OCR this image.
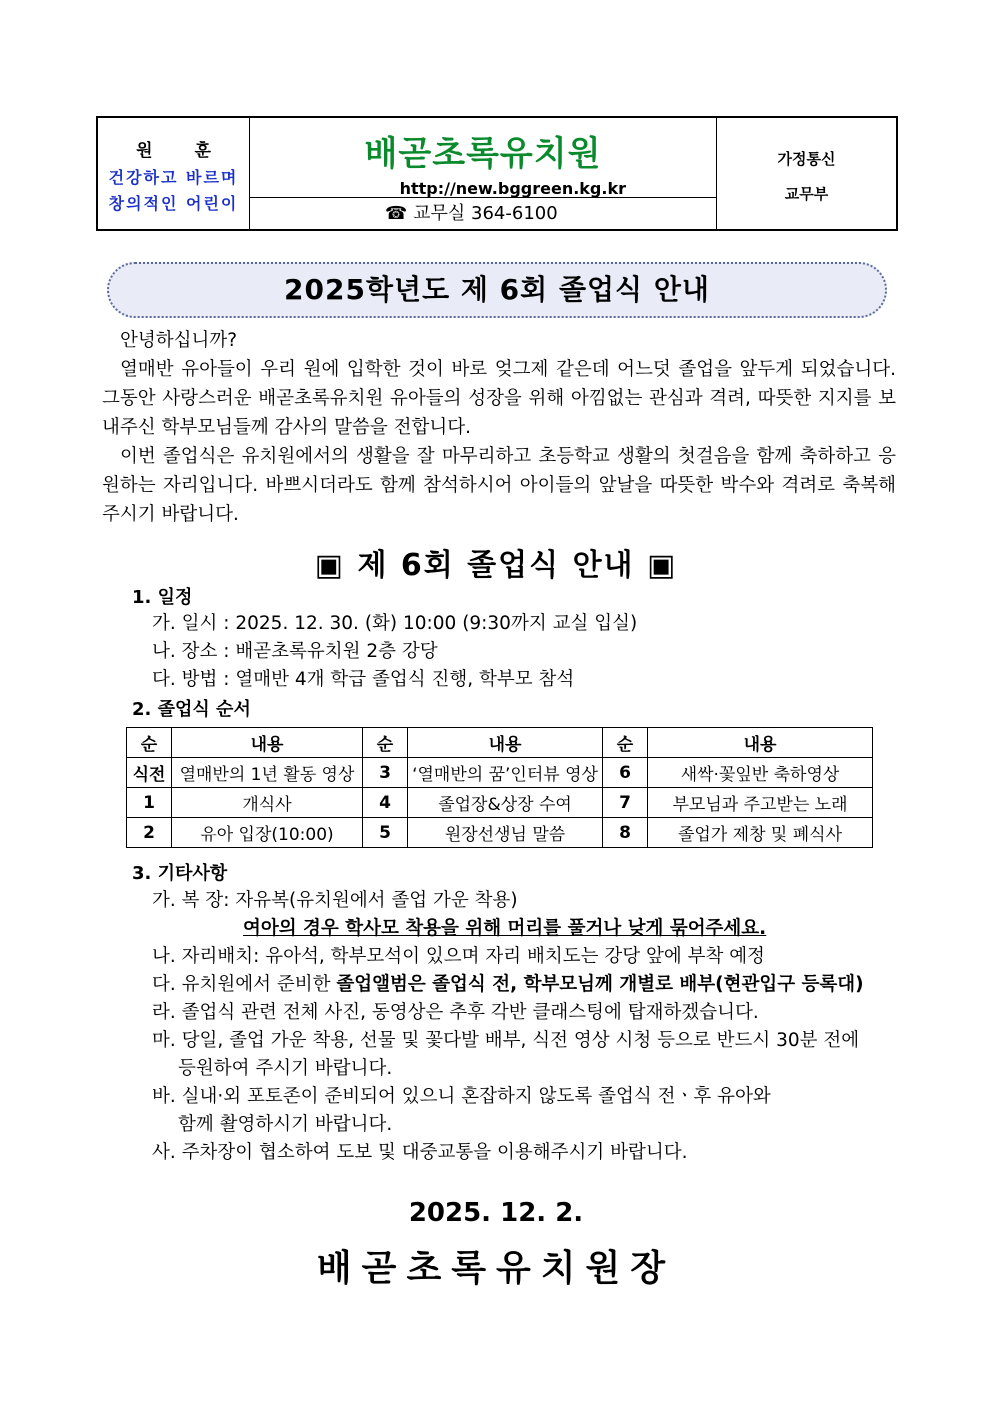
원 훈
건강하고 바르며
창의적인 어린이
배곧초록유치원
http://new.bggreen.kg.kr
☎ 교무실 364-6100
가정통신
교무부
2025학년도 제 6회 졸업식 안내
안녕하십니까?
열매반 유아들이 우리 원에 입학한 것이 바로 엊그제 같은데 어느덧 졸업을 앞두게 되었습니다. 그동안 사랑스러운 배곧초록유치원 유아들의 성장을 위해 아낌없는 관심과 격려, 따뜻한 지지를 보내주신 학부모님들께 감사의 말씀을 전합니다.
이번 졸업식은 유치원에서의 생활을 잘 마무리하고 초등학교 생활의 첫걸음을 함께 축하하고 응원하는 자리입니다. 바쁘시더라도 함께 참석하시어 아이들의 앞날을 따뜻한 박수와 격려로 축복해 주시기 바랍니다.
▣ 제 6회 졸업식 안내 ▣
1. 일정
가. 일시 : 2025. 12. 30. (화) 10:00 (9:30까지 교실 입실)
나. 장소 : 배곧초록유치원 2층 강당
다. 방법 : 열매반 4개 학급 졸업식 진행, 학부모 참석
2. 졸업식 순서
순	내용	순	내용	순	내용
식전	열매반의 1년 활동 영상	3	‘열매반의 꿈’인터뷰 영상	6	새싹·꽃잎반 축하영상
1	개식사	4	졸업장&상장 수여	7	부모님과 주고받는 노래
2	유아 입장(10:00)	5	원장선생님 말씀	8	졸업가 제창 및 폐식사
3. 기타사항
가. 복 장: 자유복(유치원에서 졸업 가운 착용)
여아의 경우 학사모 착용을 위해 머리를 풀거나 낮게 묶어주세요.
나. 자리배치: 유아석, 학부모석이 있으며 자리 배치도는 강당 앞에 부착 예정
다. 유치원에서 준비한 졸업앨범은 졸업식 전, 학부모님께 개별로 배부(현관입구 등록대)
라. 졸업식 관련 전체 사진, 동영상은 추후 각반 클래스팅에 탑재하겠습니다.
마. 당일, 졸업 가운 착용, 선물 및 꽃다발 배부, 식전 영상 시청 등으로 반드시 30분 전에
등원하여 주시기 바랍니다.
바. 실내·외 포토존이 준비되어 있으니 혼잡하지 않도록 졸업식 전ㆍ후 유아와
함께 촬영하시기 바랍니다.
사. 주차장이 협소하여 도보 및 대중교통을 이용해주시기 바랍니다.
2025. 12. 2.
배곧초록유치원장
